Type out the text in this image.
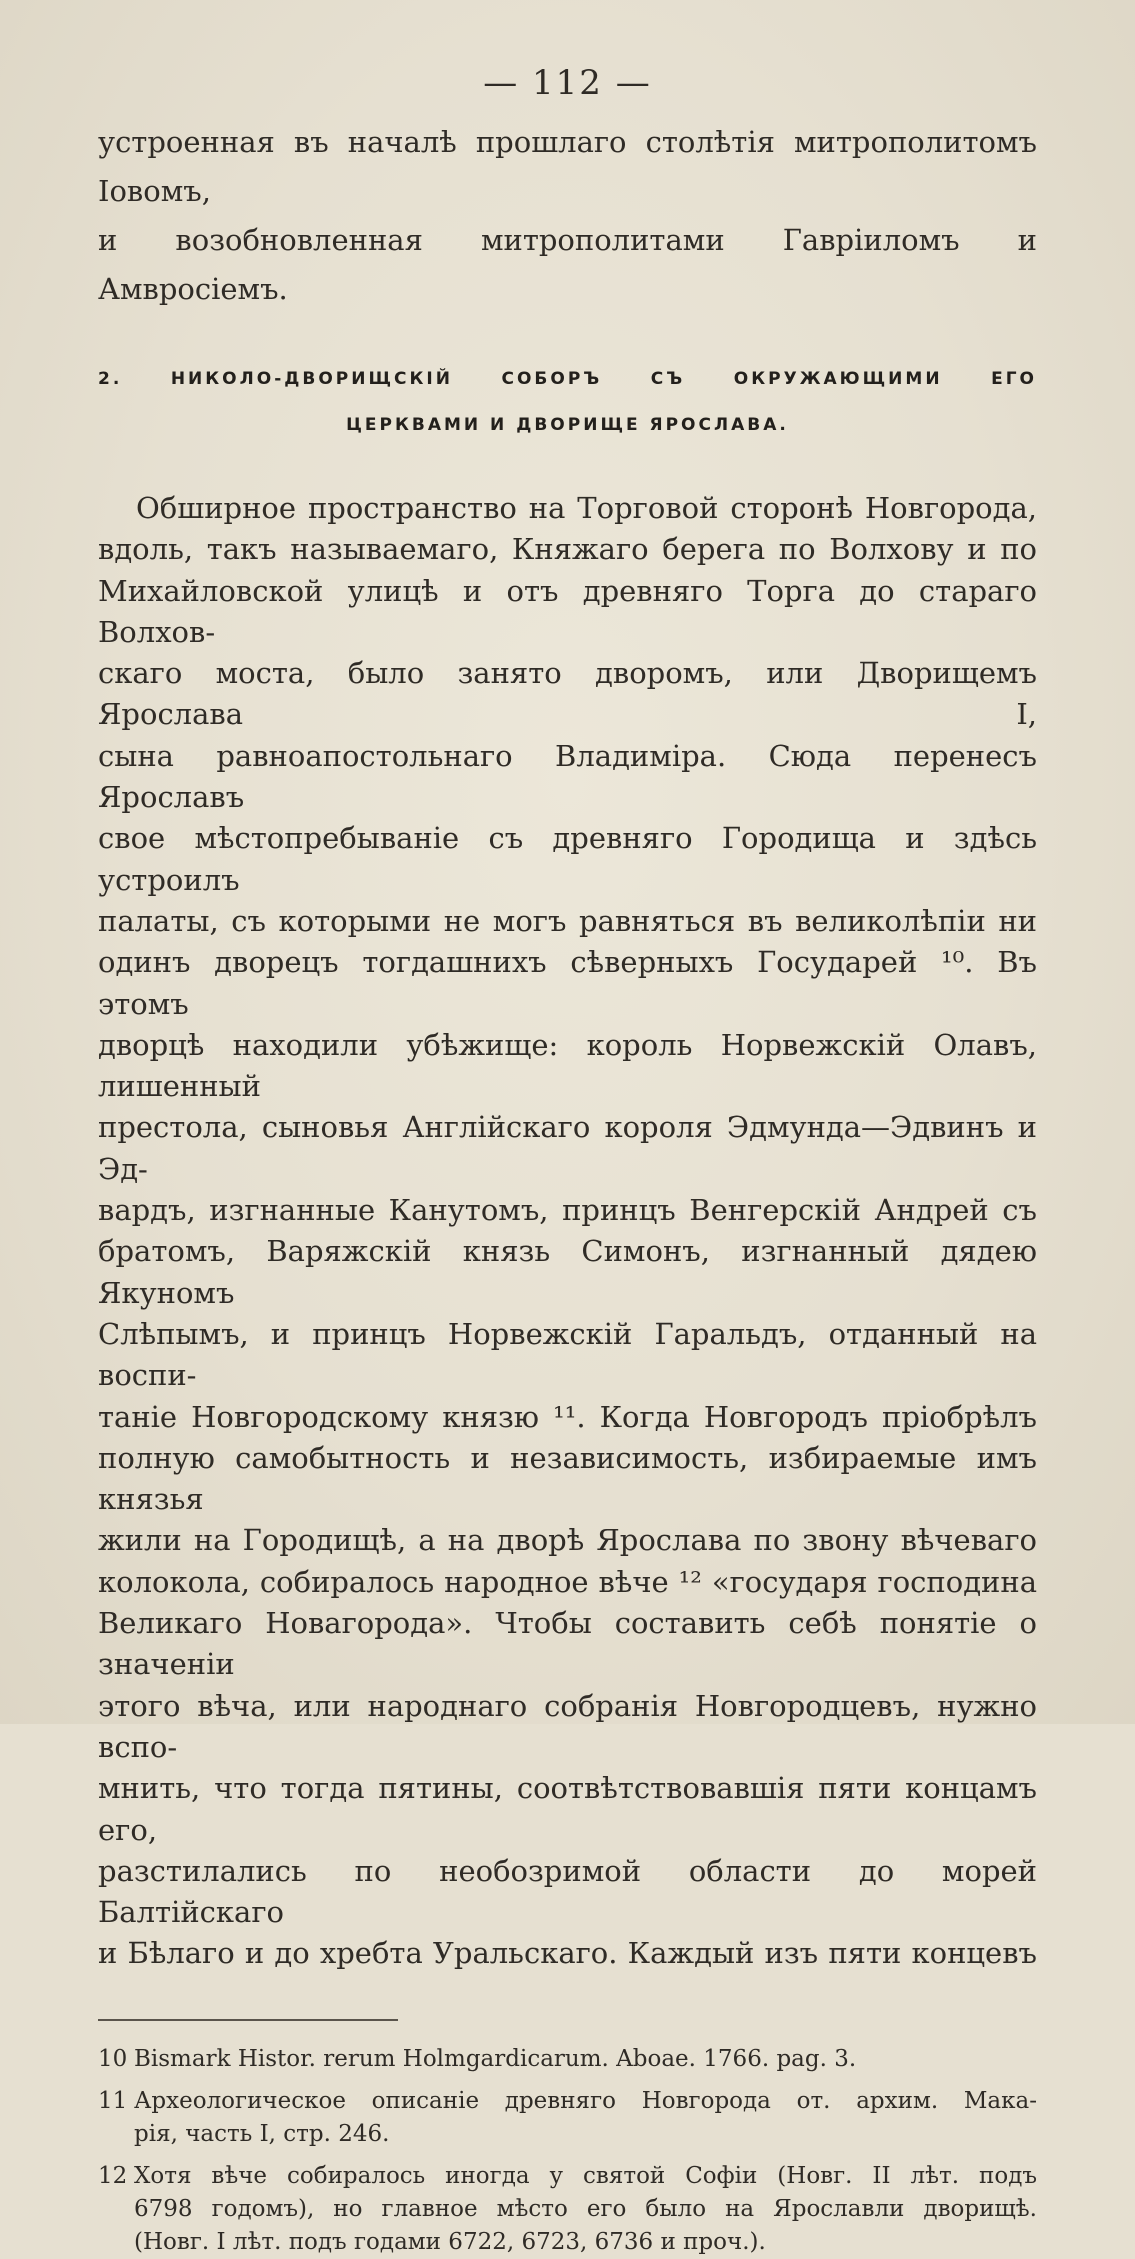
— 112 —
устроенная въ началѣ прошлаго столѣтія митрополитомъ Іовомъ,
и возобновленная митрополитами Гавріиломъ и Амвросіемъ.
2. НИКОЛО-ДВОРИЩСКІЙ СОБОРЪ СЪ ОКРУЖАЮЩИМИ ЕГО
ЦЕРКВАМИ И ДВОРИЩЕ ЯРОСЛАВА.
Обширное пространство на Торговой сторонѣ Новгорода,
вдоль, такъ называемаго, Княжаго берега по Волхову и по
Михайловской улицѣ и отъ древняго Торга до стараго Волхов-
скаго моста, было занято дворомъ, или Дворищемъ Ярослава I,
сына равноапостольнаго Владиміра. Сюда перенесъ Ярославъ
свое мѣстопребываніе съ древняго Городища и здѣсь устроилъ
палаты, съ которыми не могъ равняться въ великолѣпіи ни
одинъ дворецъ тогдашнихъ сѣверныхъ Государей ¹⁰. Въ этомъ
дворцѣ находили убѣжище: король Норвежскій Олавъ, лишенный
престола, сыновья Англійскаго короля Эдмунда—Эдвинъ и Эд-
вардъ, изгнанные Канутомъ, принцъ Венгерскій Андрей съ
братомъ, Варяжскій князь Симонъ, изгнанный дядею Якуномъ
Слѣпымъ, и принцъ Норвежскій Гаральдъ, отданный на воспи-
таніе Новгородскому князю ¹¹. Когда Новгородъ пріобрѣлъ
полную самобытность и независимость, избираемые имъ князья
жили на Городищѣ, а на дворѣ Ярослава по звону вѣчеваго
колокола, собиралось народное вѣче ¹² «государя господина
Великаго Новагорода». Чтобы составить себѣ понятіе о значеніи
этого вѣча, или народнаго собранія Новгородцевъ, нужно вспо-
мнить, что тогда пятины, соотвѣтствовавшія пяти концамъ его,
разстилались по необозримой области до морей Балтійскаго
и Бѣлаго и до хребта Уральскаго. Каждый изъ пяти концевъ
10 Bismark Histor. rerum Holmgardicarum. Aboae. 1766. pag. 3.
11 Археологическое описаніе древняго Новгорода от. архим. Мака-
рія, часть I, стр. 246.
12 Хотя вѣче собиралось иногда у святой Софіи (Новг. II лѣт. подъ
6798 годомъ), но главное мѣсто его было на Ярославли дворищѣ.
(Новг. I лѣт. подъ годами 6722, 6723, 6736 и проч.).
